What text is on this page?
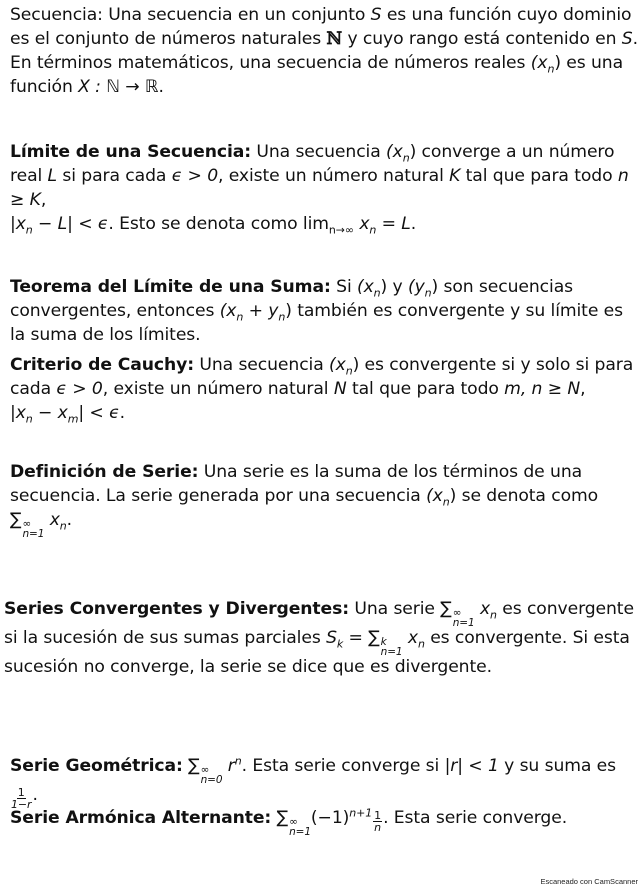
Secuencia: Una secuencia en un conjunto S es una función cuyo dominio es el conjunto de números naturales ℕ y cuyo rango está contenido en S. En términos matemáticos, una secuencia de números reales $(x_n)$ es una función X : ℕ → ℝ.

Límite de una Secuencia: Una secuencia $(x_n)$ converge a un número real L si para cada ϵ > 0, existe un número natural K tal que para todo n ≥ K,
$|x_n - L| < \epsilon$. Esto se denota como $\lim_{n\to\infty} x_n = L$.

Teorema del Límite de una Suma: Si $(x_n)$ y $(y_n)$ son secuencias convergentes, entonces $(x_n + y_n)$ también es convergente y su límite es la suma de los límites.

Criterio de Cauchy: Una secuencia $(x_n)$ es convergente si y solo si para cada ϵ > 0, existe un número natural N tal que para todo m, n ≥ N,
$|x_n - x_m| < \epsilon$.

Definición de Serie: Una serie es la suma de los términos de una secuencia. La serie generada por una secuencia $(x_n)$ se denota como

∑ ∞
n=1
$x_n$.

Series Convergentes y Divergentes: Una serie ∑ ∞
n=1
$x_n$ es convergente si la sucesión de sus sumas parciales $S_k$ = ∑ k
n=1
$x_n$ es convergente. Si esta sucesión no converge, la serie se dice que es divergente.

Serie Geométrica: ∑ ∞
n=0
$r^n$. Esta serie converge si |r| < 1 y su suma es

$\frac{1}{1-r}$ .

Serie Armónica Alternante: ∑ ∞
n=1
$(-1)^{n+1} \frac{1}{n}$ . Esta serie converge.

Escaneado con CamScanner
